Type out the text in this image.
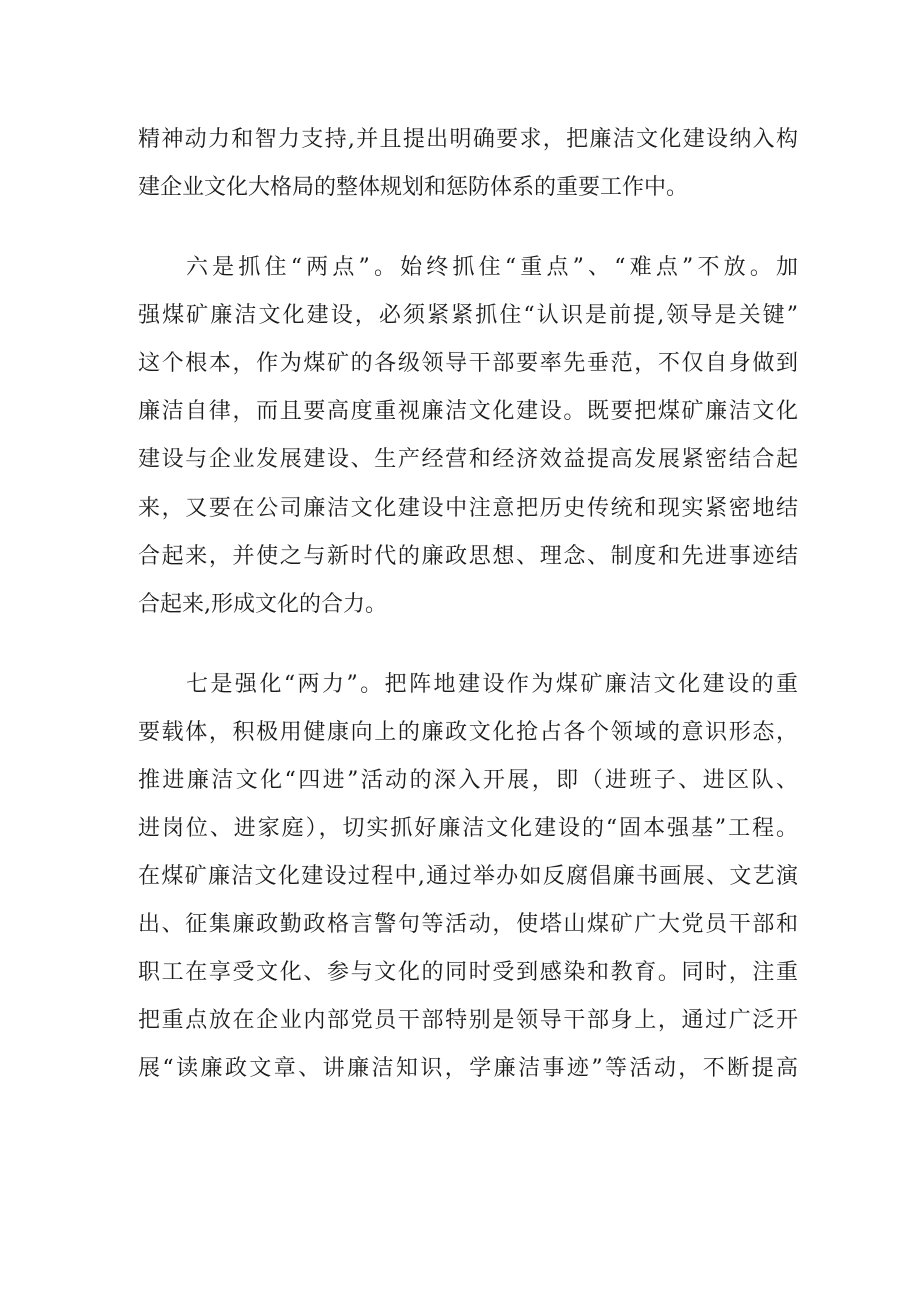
精神动力和智力支持,并且提出明确要求，把廉洁文化建设纳入构
建企业文化大格局的整体规划和惩防体系的重要工作中。
六是抓住“两点”。始终抓住“重点”、“难点”不放。加
强煤矿廉洁文化建设，必须紧紧抓住“认识是前提,领导是关键”
这个根本，作为煤矿的各级领导干部要率先垂范，不仅自身做到
廉洁自律，而且要高度重视廉洁文化建设。既要把煤矿廉洁文化
建设与企业发展建设、生产经营和经济效益提高发展紧密结合起
来，又要在公司廉洁文化建设中注意把历史传统和现实紧密地结
合起来，并使之与新时代的廉政思想、理念、制度和先进事迹结
合起来,形成文化的合力。
七是强化“两力”。把阵地建设作为煤矿廉洁文化建设的重
要载体，积极用健康向上的廉政文化抢占各个领域的意识形态，
推进廉洁文化“四进”活动的深入开展，即（进班子、进区队、
进岗位、进家庭），切实抓好廉洁文化建设的“固本强基”工程。
在煤矿廉洁文化建设过程中,通过举办如反腐倡廉书画展、文艺演
出、征集廉政勤政格言警句等活动，使塔山煤矿广大党员干部和
职工在享受文化、参与文化的同时受到感染和教育。同时，注重
把重点放在企业内部党员干部特别是领导干部身上，通过广泛开
展“读廉政文章、讲廉洁知识，学廉洁事迹”等活动，不断提高
